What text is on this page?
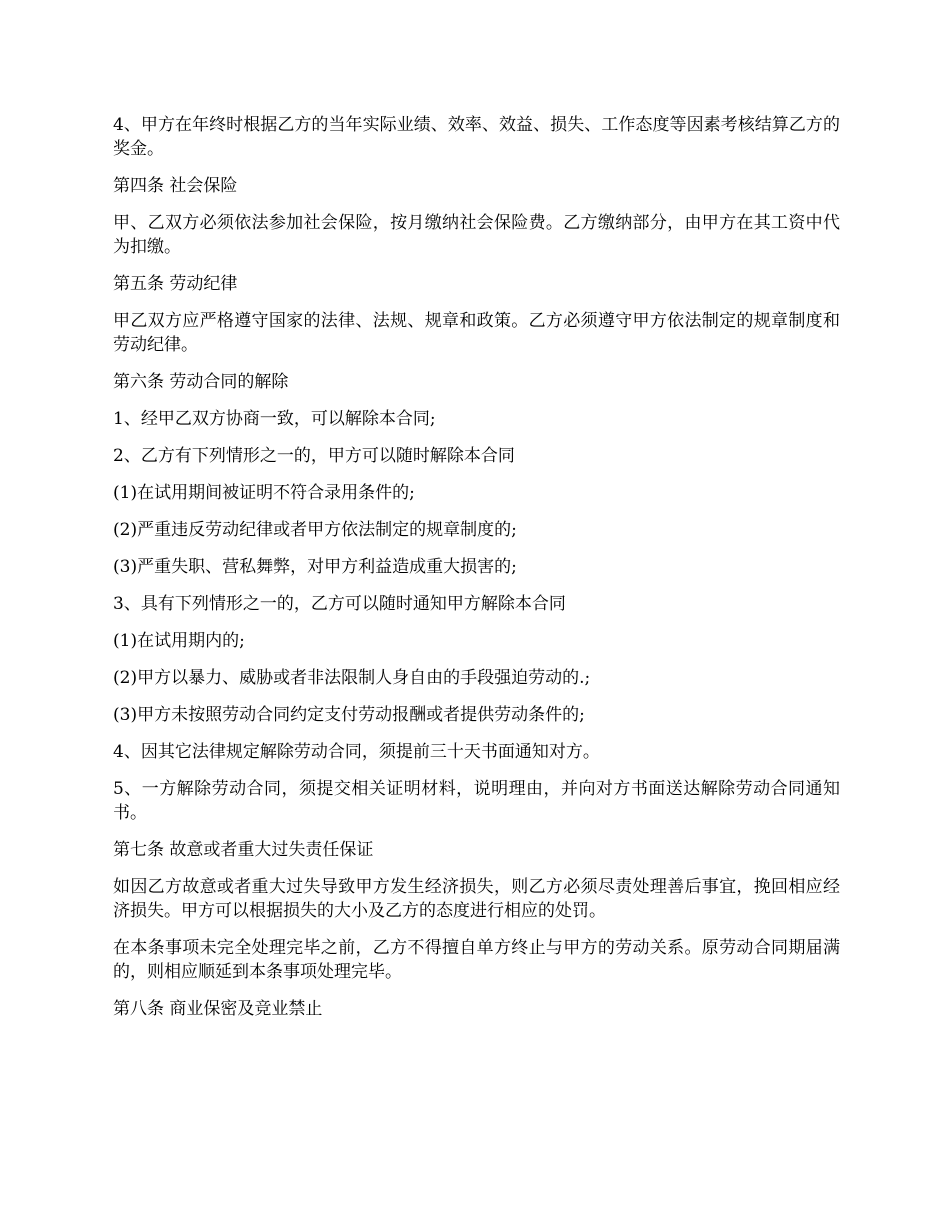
4、甲方在年终时根据乙方的当年实际业绩、效率、效益、损失、工作态度等因素考核结算乙方的奖金。

第四条 社会保险

甲、乙双方必须依法参加社会保险，按月缴纳社会保险费。乙方缴纳部分，由甲方在其工资中代为扣缴。

第五条 劳动纪律

甲乙双方应严格遵守国家的法律、法规、规章和政策。乙方必须遵守甲方依法制定的规章制度和劳动纪律。

第六条 劳动合同的解除

1、经甲乙双方协商一致，可以解除本合同;

2、乙方有下列情形之一的，甲方可以随时解除本合同

(1)在试用期间被证明不符合录用条件的;

(2)严重违反劳动纪律或者甲方依法制定的规章制度的;

(3)严重失职、营私舞弊，对甲方利益造成重大损害的;

3、具有下列情形之一的，乙方可以随时通知甲方解除本合同

(1)在试用期内的;

(2)甲方以暴力、威胁或者非法限制人身自由的手段强迫劳动的.;

(3)甲方未按照劳动合同约定支付劳动报酬或者提供劳动条件的;

4、因其它法律规定解除劳动合同，须提前三十天书面通知对方。

5、一方解除劳动合同，须提交相关证明材料，说明理由，并向对方书面送达解除劳动合同通知书。

第七条 故意或者重大过失责任保证

如因乙方故意或者重大过失导致甲方发生经济损失，则乙方必须尽责处理善后事宜，挽回相应经济损失。甲方可以根据损失的大小及乙方的态度进行相应的处罚。

在本条事项未完全处理完毕之前，乙方不得擅自单方终止与甲方的劳动关系。原劳动合同期届满的，则相应顺延到本条事项处理完毕。

第八条 商业保密及竞业禁止
